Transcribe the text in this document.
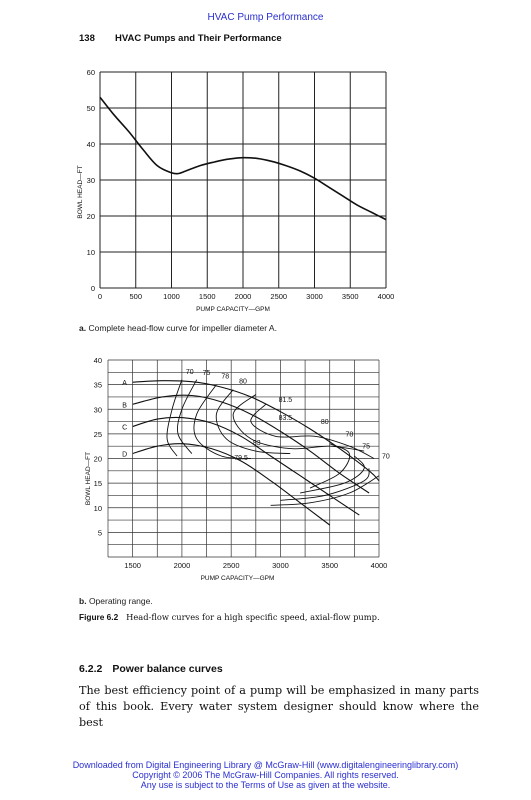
HVAC Pump Performance
138 HVAC Pumps and Their Performance
0	500	1000	1500	2000	2500	3000	3500	4000
0
10
20
30
40
50
60
PUMP CAPACITY—GPM
BOWL HEAD—FT
a. Complete head-flow curve for impeller diameter A.
1500	2000	2500	3000	3500	4000
5
10
15
20
25
30
35
40
PUMP CAPACITY—GPM
BOWL HEAD—FT
A
B
C
D
70 75
78
80
81.5
83.5
83
79.5
80
78
75
70
b. Operating range.
Figure 6.2 Head-flow curves for a high specific speed, axial-flow pump.
6.2.2 Power balance curves
The best efficiency point of a pump will be emphasized in many parts of this book. Every water system designer should know where the best
Downloaded from Digital Engineering Library @ McGraw-Hill (www.digitalengineeringlibrary.com)
Copyright © 2006 The McGraw-Hill Companies. All rights reserved.
Any use is subject to the Terms of Use as given at the website.
